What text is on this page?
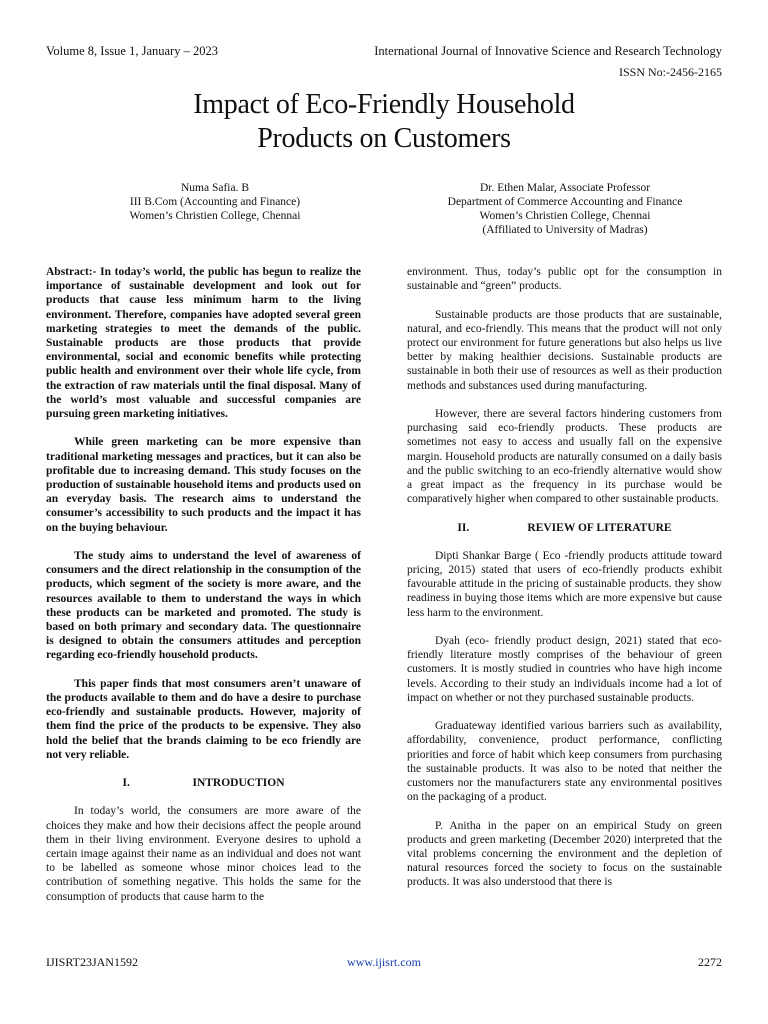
Volume 8, Issue 1, January – 2023	International Journal of Innovative Science and Research Technology
ISSN No:-2456-2165
Impact of Eco-Friendly Household
Products on Customers
Numa Safia. B
III B.Com (Accounting and Finance)
Women’s Christien College, Chennai
Dr. Ethen Malar, Associate Professor
Department of Commerce Accounting and Finance
Women’s Christien College, Chennai
(Affiliated to University of Madras)

Abstract:- In today’s world, the public has begun to realize the importance of sustainable development and look out for products that cause less minimum harm to the living environment. Therefore, companies have adopted several green marketing strategies to meet the demands of the public. Sustainable products are those products that provide environmental, social and economic benefits while protecting public health and environment over their whole life cycle, from the extraction of raw materials until the final disposal. Many of the world’s most valuable and successful companies are pursuing green marketing initiatives.

While green marketing can be more expensive than traditional marketing messages and practices, but it can also be profitable due to increasing demand. This study focuses on the production of sustainable household items and products used on an everyday basis. The research aims to understand the consumer’s accessibility to such products and the impact it has on the buying behaviour.

The study aims to understand the level of awareness of consumers and the direct relationship in the consumption of the products, which segment of the society is more aware, and the resources available to them to understand the ways in which these products can be marketed and promoted. The study is based on both primary and secondary data. The questionnaire is designed to obtain the consumers attitudes and perception regarding eco-friendly household products.

This paper finds that most consumers aren’t unaware of the products available to them and do have a desire to purchase eco-friendly and sustainable products. However, majority of them find the price of the products to be expensive. They also hold the belief that the brands claiming to be eco friendly are not very reliable.

I.	INTRODUCTION

In today’s world, the consumers are more aware of the choices they make and how their decisions affect the people around them in their living environment. Everyone desires to uphold a certain image against their name as an individual and does not want to be labelled as someone whose minor choices lead to the contribution of something negative. This holds the same for the consumption of products that cause harm to the

environment. Thus, today’s public opt for the consumption in sustainable and “green” products.

Sustainable products are those products that are sustainable, natural, and eco-friendly. This means that the product will not only protect our environment for future generations but also helps us live better by making healthier decisions. Sustainable products are sustainable in both their use of resources as well as their production methods and substances used during manufacturing.

However, there are several factors hindering customers from purchasing said eco-friendly products. These products are sometimes not easy to access and usually fall on the expensive margin. Household products are naturally consumed on a daily basis and the public switching to an eco-friendly alternative would show a great impact as the frequency in its purchase would be comparatively higher when compared to other sustainable products.

II.	REVIEW OF LITERATURE

Dipti Shankar Barge ( Eco -friendly products attitude toward pricing, 2015) stated that users of eco-friendly products exhibit favourable attitude in the pricing of sustainable products. they show readiness in buying those items which are more expensive but cause less harm to the environment.

Dyah (eco- friendly product design, 2021) stated that eco-friendly literature mostly comprises of the behaviour of green customers. It is mostly studied in countries who have high income levels. According to their study an individuals income had a lot of impact on whether or not they purchased sustainable products.

Graduateway identified various barriers such as availability, affordability, convenience, product performance, conflicting priorities and force of habit which keep consumers from purchasing the sustainable products. It was also to be noted that neither the customers nor the manufacturers state any environmental positives on the packaging of a product.

P. Anitha in the paper on an empirical Study on green products and green marketing (December 2020) interpreted that the vital problems concerning the environment and the depletion of natural resources forced the society to focus on the sustainable products. It was also understood that there is

IJISRT23JAN1592	www.ijisrt.com	2272
